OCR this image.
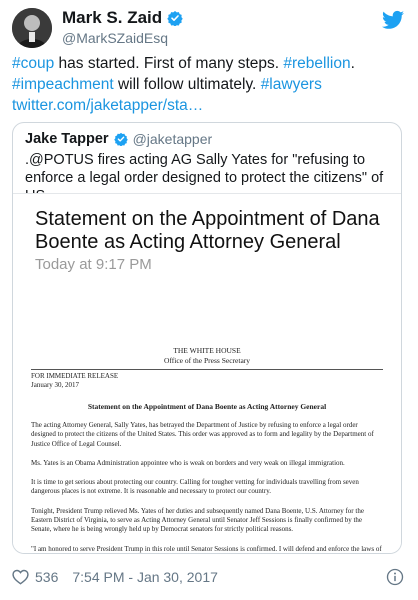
Mark S. Zaid
@MarkSZaidEsq
#coup has started. First of many steps. #rebellion.
#impeachment will follow ultimately. #lawyers
twitter.com/jaketapper/sta…
Jake Tapper @jaketapper
.@POTUS fires acting AG Sally Yates for "refusing to enforce a legal order designed to protect the citizens" of
Statement on the Appointment of Dana Boente as Acting Attorney General
Today at 9:17 PM
THE WHITE HOUSE
Office of the Press Secretary
FOR IMMEDIATE RELEASE
January 30, 2017
Statement on the Appointment of Dana Boente as Acting Attorney General
The acting Attorney General, Sally Yates, has betrayed the Department of Justice by refusing to enforce a legal order designed to protect the citizens of the United States. This order was approved as to form and legality by the Department of Justice Office of Legal Counsel.
Ms. Yates is an Obama Administration appointee who is weak on borders and very weak on illegal immigration.
It is time to get serious about protecting our country. Calling for tougher vetting for individuals travelling from seven dangerous places is not extreme. It is reasonable and necessary to protect our country.
Tonight, President Trump relieved Ms. Yates of her duties and subsequently named Dana Boente, U.S. Attorney for the Eastern District of Virginia, to serve as Acting Attorney General until Senator Jeff Sessions is finally confirmed by the Senate, where he is being wrongly held up by Democrat senators for strictly political reasons.
"I am honored to serve President Trump in this role until Senator Sessions is confirmed. I will defend and enforce the laws of
536 7:54 PM - Jan 30, 2017
